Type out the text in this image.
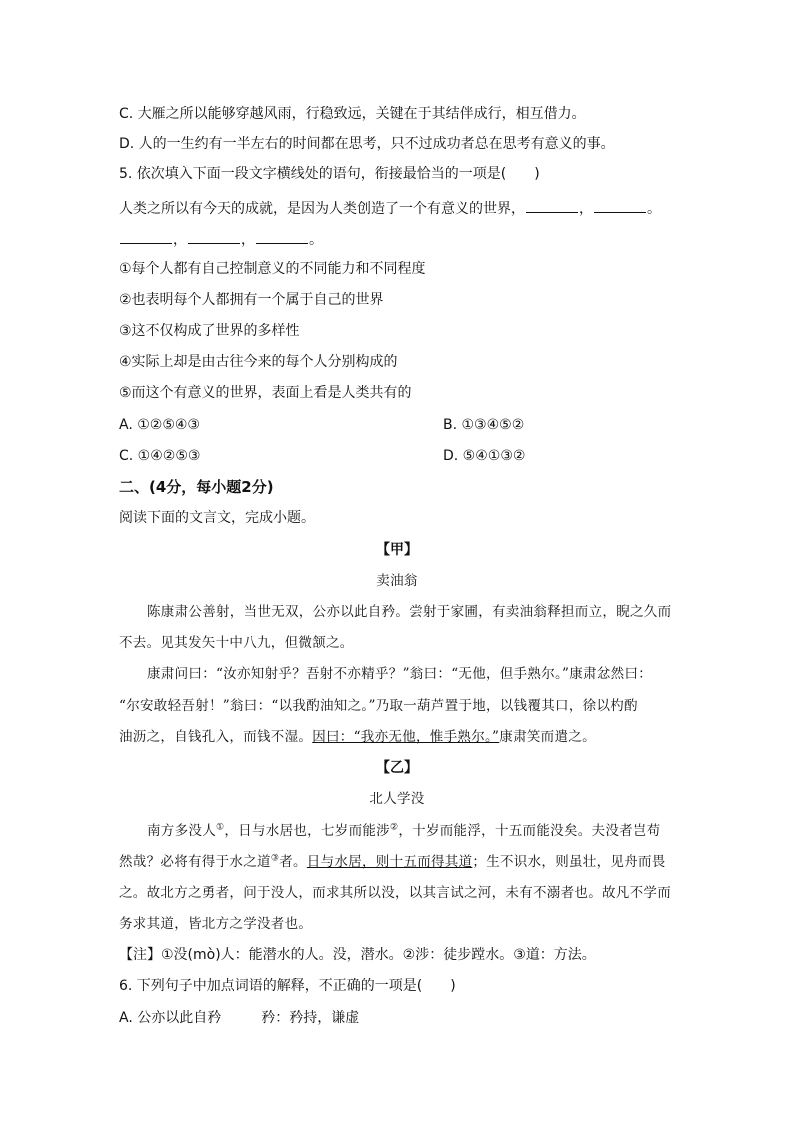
C. 大雁之所以能够穿越风雨，行稳致远，关键在于其结伴成行，相互借力。
D. 人的一生约有一半左右的时间都在思考，只不过成功者总在思考有意义的事。
5. 依次填入下面一段文字横线处的语句，衔接最恰当的一项是(　　)
人类之所以有今天的成就，是因为人类创造了一个有意义的世界，	，	。
，	，	。
①每个人都有自己控制意义的不同能力和不同程度
②也表明每个人都拥有一个属于自己的世界
③这不仅构成了世界的多样性
④实际上却是由古往今来的每个人分别构成的
⑤而这个有意义的世界，表面上看是人类共有的
A. ①②⑤④③	B. ①③④⑤②
C. ①④②⑤③	D. ⑤④①③②
二、(4分，每小题2分)
阅读下面的文言文，完成小题。
【甲】
卖油翁
陈康肃公善射，当世无双，公亦以此自矜。尝射于家圃，有卖油翁释担而立，睨之久而
不去。见其发矢十中八九，但微颔之。
康肃问曰：“汝亦知射乎？吾射不亦精乎？”翁曰：“无他，但手熟尔。”康肃忿然曰：
“尔安敢轻吾射！”翁曰：“以我酌油知之。”乃取一葫芦置于地，以钱覆其口，徐以杓酌
油沥之，自钱孔入，而钱不湿。因曰：“我亦无他，惟手熟尔。”康肃笑而遣之。
【乙】
北人学没
南方多没人①，日与水居也，七岁而能涉②，十岁而能浮，十五而能没矣。夫没者岂苟
然哉？必将有得于水之道③者。日与水居，则十五而得其道；生不识水，则虽壮，见舟而畏
之。故北方之勇者，问于没人，而求其所以没，以其言试之河，未有不溺者也。故凡不学而
务求其道，皆北方之学没者也。
【注】①没(mò)人：能潜水的人。没，潜水。②涉：徒步蹚水。③道：方法。
6. 下列句子中加点词语的解释，不正确的一项是(　　)
A. 公亦以此自矜	矜：矜持，谦虚
